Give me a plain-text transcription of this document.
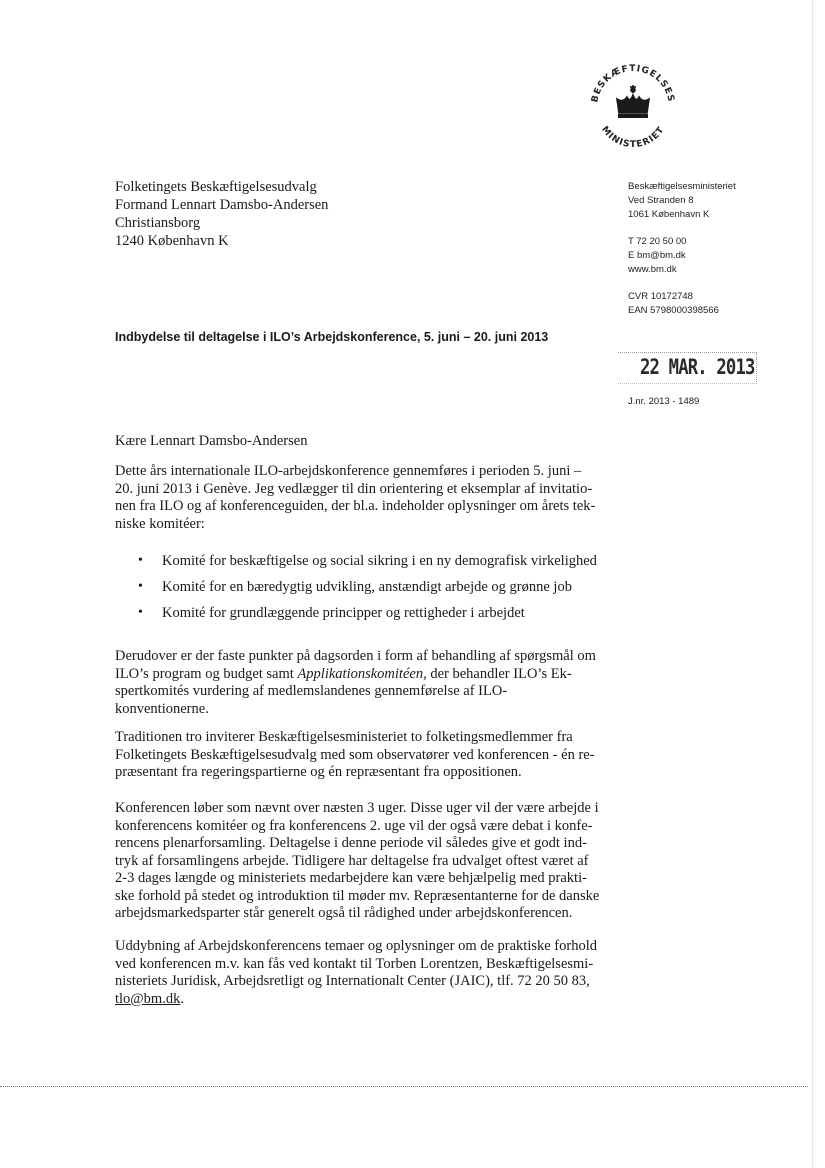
BESKÆFTIGELSES
MINISTERIET
Folketingets Beskæftigelsesudvalg
Formand Lennart Damsbo-Andersen
Christiansborg
1240 København K
Beskæftigelsesministeriet
Ved Stranden 8
1061 København K
T 72 20 50 00
E bm@bm.dk
www.bm.dk
CVR 10172748
EAN 5798000398566
Indbydelse til deltagelse i ILO’s Arbejdskonference, 5. juni – 20. juni 2013
22 MAR. 2013
J.nr. 2013 - 1489
Kære Lennart Damsbo-Andersen
Dette års internationale ILO-arbejdskonference gennemføres i perioden 5. juni –
20. juni 2013 i Genève. Jeg vedlægger til din orientering et eksemplar af invitatio-
nen fra ILO og af konferenceguiden, der bl.a. indeholder oplysninger om årets tek-
niske komitéer:
• Komité for beskæftigelse og social sikring i en ny demografisk virkelighed
• Komité for en bæredygtig udvikling, anstændigt arbejde og grønne job
• Komité for grundlæggende principper og rettigheder i arbejdet
Derudover er der faste punkter på dagsorden i form af behandling af spørgsmål om
ILO’s program og budget samt Applikationskomitéen, der behandler ILO’s Ek-
spertkomités vurdering af medlemslandenes gennemførelse af ILO-
konventionerne.
Traditionen tro inviterer Beskæftigelsesministeriet to folketingsmedlemmer fra
Folketingets Beskæftigelsesudvalg med som observatører ved konferencen - én re-
præsentant fra regeringspartierne og én repræsentant fra oppositionen.
Konferencen løber som nævnt over næsten 3 uger. Disse uger vil der være arbejde i
konferencens komitéer og fra konferencens 2. uge vil der også være debat i konfe-
rencens plenarforsamling. Deltagelse i denne periode vil således give et godt ind-
tryk af forsamlingens arbejde. Tidligere har deltagelse fra udvalget oftest været af
2-3 dages længde og ministeriets medarbejdere kan være behjælpelig med prakti-
ske forhold på stedet og introduktion til møder mv. Repræsentanterne for de danske
arbejdsmarkedsparter står generelt også til rådighed under arbejdskonferencen.
Uddybning af Arbejdskonferencens temaer og oplysninger om de praktiske forhold
ved konferencen m.v. kan fås ved kontakt til Torben Lorentzen, Beskæftigelsesmi-
nisteriets Juridisk, Arbejdsretligt og Internationalt Center (JAIC), tlf. 72 20 50 83,
tlo@bm.dk.
